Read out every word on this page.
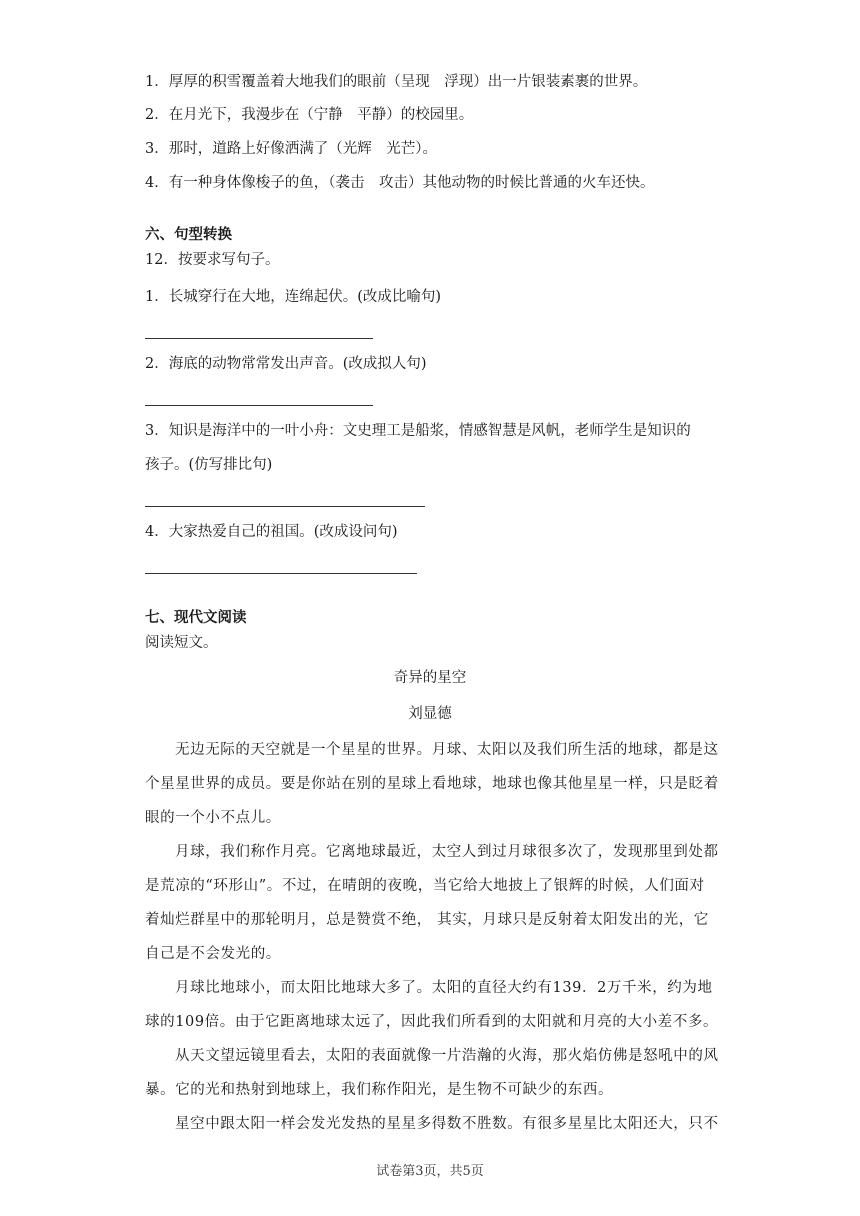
1．厚厚的积雪覆盖着大地我们的眼前（呈现　浮现）出一片银装素裹的世界。
2．在月光下，我漫步在（宁静　平静）的校园里。
3．那时，道路上好像洒满了（光辉　光芒）。
4．有一种身体像梭子的鱼，（袭击　攻击）其他动物的时候比普通的火车还快。
六、句型转换
12．按要求写句子。
1．长城穿行在大地，连绵起伏。(改成比喻句)
2．海底的动物常常发出声音。(改成拟人句)
3．知识是海洋中的一叶小舟：文史理工是船浆，情感智慧是风帆，老师学生是知识的
孩子。(仿写排比句)
4．大家热爱自己的祖国。(改成设问句)
七、现代文阅读
阅读短文。
奇异的星空
刘显德
无边无际的天空就是一个星星的世界。月球、太阳以及我们所生活的地球，都是这
个星星世界的成员。要是你站在别的星球上看地球，地球也像其他星星一样，只是眨着
眼的一个小不点儿。
月球，我们称作月亮。它离地球最近，太空人到过月球很多次了，发现那里到处都
是荒凉的“环形山”。不过，在晴朗的夜晚，当它给大地披上了银辉的时候，人们面对
着灿烂群星中的那轮明月，总是赞赏不绝， 其实，月球只是反射着太阳发出的光，它
自己是不会发光的。
月球比地球小，而太阳比地球大多了。太阳的直径大约有139．2万千米，约为地
球的109倍。由于它距离地球太远了，因此我们所看到的太阳就和月亮的大小差不多。
从天文望远镜里看去，太阳的表面就像一片浩瀚的火海，那火焰仿佛是怒吼中的风
暴。它的光和热射到地球上，我们称作阳光，是生物不可缺少的东西。
星空中跟太阳一样会发光发热的星星多得数不胜数。有很多星星比太阳还大，只不
试卷第3页，共5页
